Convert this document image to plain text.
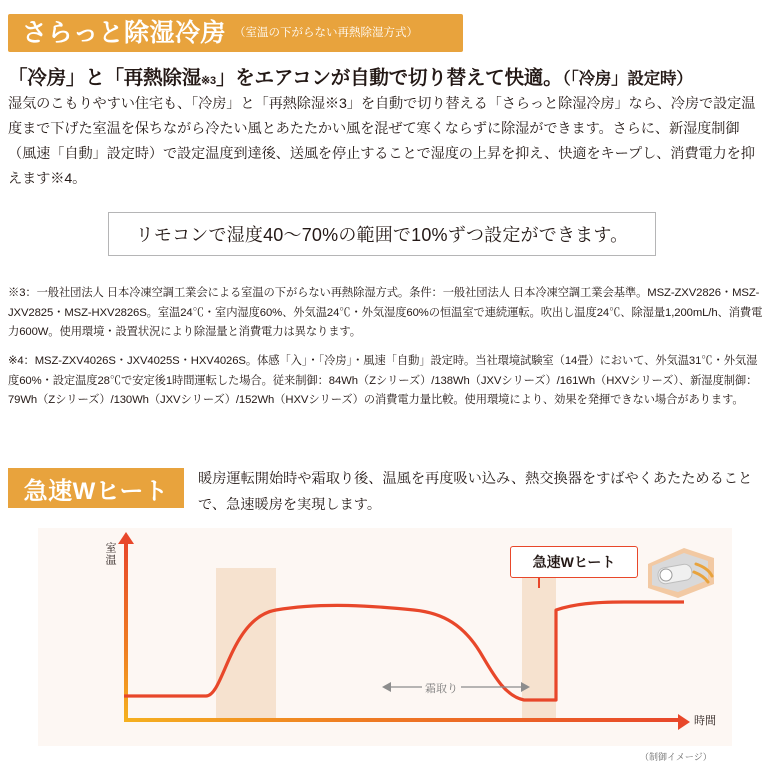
さらっと除湿冷房 （室温の下がらない再熱除湿方式）
「冷房」と「再熱除湿※3」をエアコンが自動で切り替えて快適。（「冷房」設定時）
湿気のこもりやすい住宅も、「冷房」と「再熱除湿※3」を自動で切り替える「さらっと除湿冷房」なら、冷房で設定温度まで下げた室温を保ちながら冷たい風とあたたかい風を混ぜて寒くならずに除湿ができます。さらに、新湿度制御（風速「自動」設定時）で設定温度到達後、送風を停止することで湿度の上昇を抑え、快適をキープし、消費電力を抑えます※4。
リモコンで湿度40〜70%の範囲で10%ずつ設定ができます。
※3：一般社団法人 日本冷凍空調工業会による室温の下がらない再熱除湿方式。条件：一般社団法人 日本冷凍空調工業会基準。MSZ-ZXV2826・MSZ-JXV2825・MSZ-HXV2826S。室温24℃・室内湿度60%、外気温24℃・外気湿度60%の恒温室で連続運転。吹出し温度24℃、除湿量1,200mL/h、消費電力600W。使用環境・設置状況により除湿量と消費電力は異なります。
※4：MSZ-ZXV4026S・JXV4025S・HXV4026S。体感「入」・「冷房」・風速「自動」設定時。当社環境試験室（14畳）において、外気温31℃・外気湿度60%・設定温度28℃で安定後1時間運転した場合。従来制御：84Wh（Zシリーズ）/138Wh（JXVシリーズ）/161Wh（HXVシリーズ）、新湿度制御：79Wh（Zシリーズ）/130Wh（JXVシリーズ）/152Wh（HXVシリーズ）の消費電力量比較。使用環境により、効果を発揮できない場合があります。
急速Wヒート 暖房運転開始時や霜取り後、温風を再度吸い込み、熱交換器をすばやくあたためることで、急速暖房を実現します。
室温
時間
霜取り
急速Wヒート
（制御イメージ）
